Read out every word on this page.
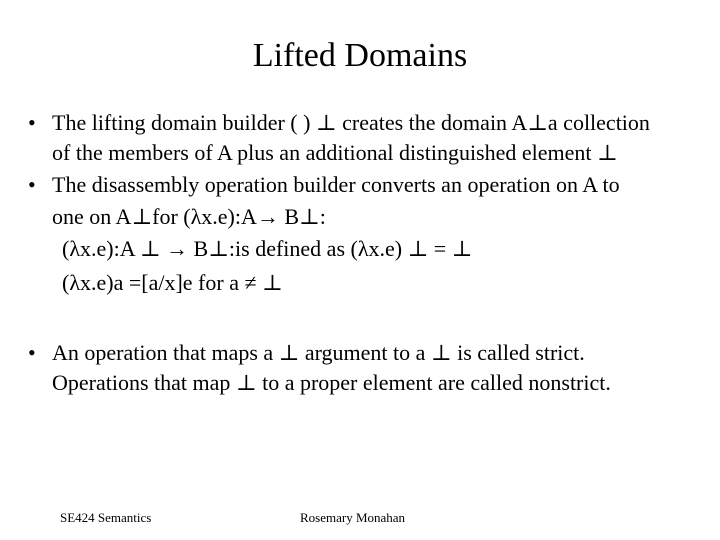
Lifted Domains
• The lifting domain builder ( ) ⊥ creates the domain A⊥a collection
of the members of A plus an additional distinguished element ⊥
• The disassembly operation builder converts an operation on A to
one on A⊥for (λx.e):A→ B⊥:
(λx.e):A ⊥ → B⊥:is defined as (λx.e) ⊥ = ⊥
(λx.e)a =[a/x]e for a ≠ ⊥
• An operation that maps a ⊥ argument to a ⊥ is called strict.
Operations that map ⊥ to a proper element are called nonstrict.
SE424 Semantics	Rosemary Monahan
